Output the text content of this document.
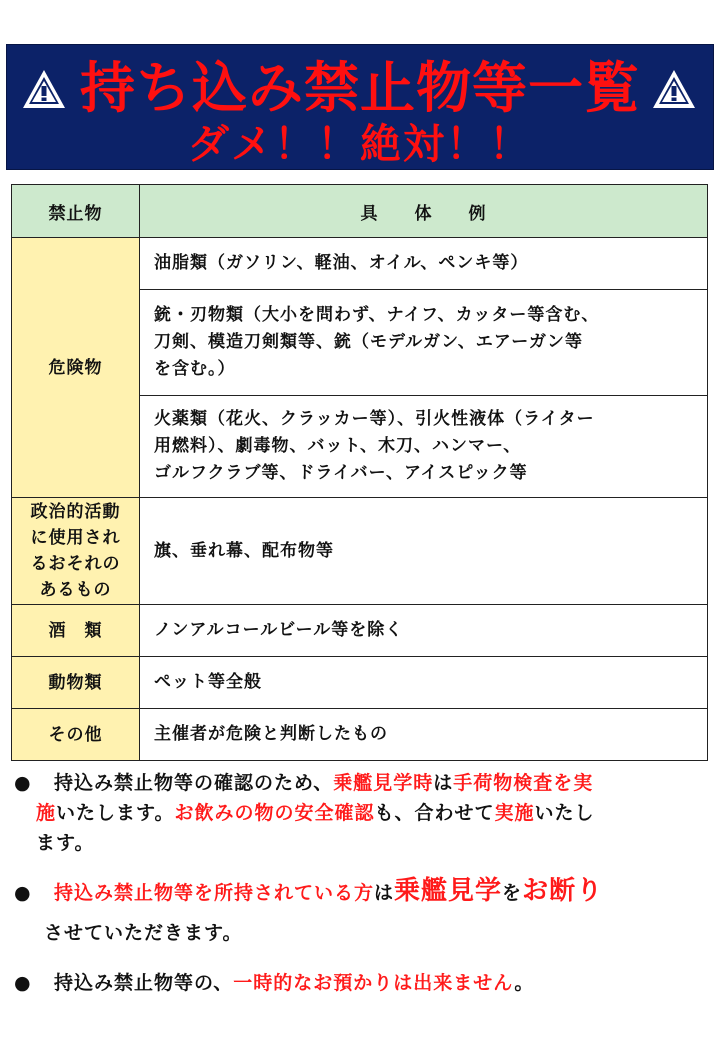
持ち込み禁止物等一覧
ダメ！！絶対！！
禁止物	具　　体　　例
危険物	油脂類（ガソリン、軽油、オイル、ペンキ等）

	銃・刃物類（大小を問わず、ナイフ、カッター等含む、
刀剣、模造刀剣類等、銃（モデルガン、エアーガン等
を含む。）

	火薬類（花火、クラッカー等）、引火性液体（ライター
用燃料）、劇毒物、バット、木刀、ハンマー、
ゴルフクラブ等、ドライバー、アイスピック等

政治的活動
に使用され
るおそれの
あるもの	旗、垂れ幕、配布物等
酒　類	ノンアルコールビール等を除く
動物類	ペット等全般
その他	主催者が危険と判断したもの
● 持込み禁止物等の確認のため、乗艦見学時は手荷物検査を実
施いたします。お飲みの物の安全確認も、合わせて実施いたし
ます。
● 持込み禁止物等を所持されている方は乗艦見学をお断り
させていただきます。
● 持込み禁止物等の、一時的なお預かりは出来ません。
